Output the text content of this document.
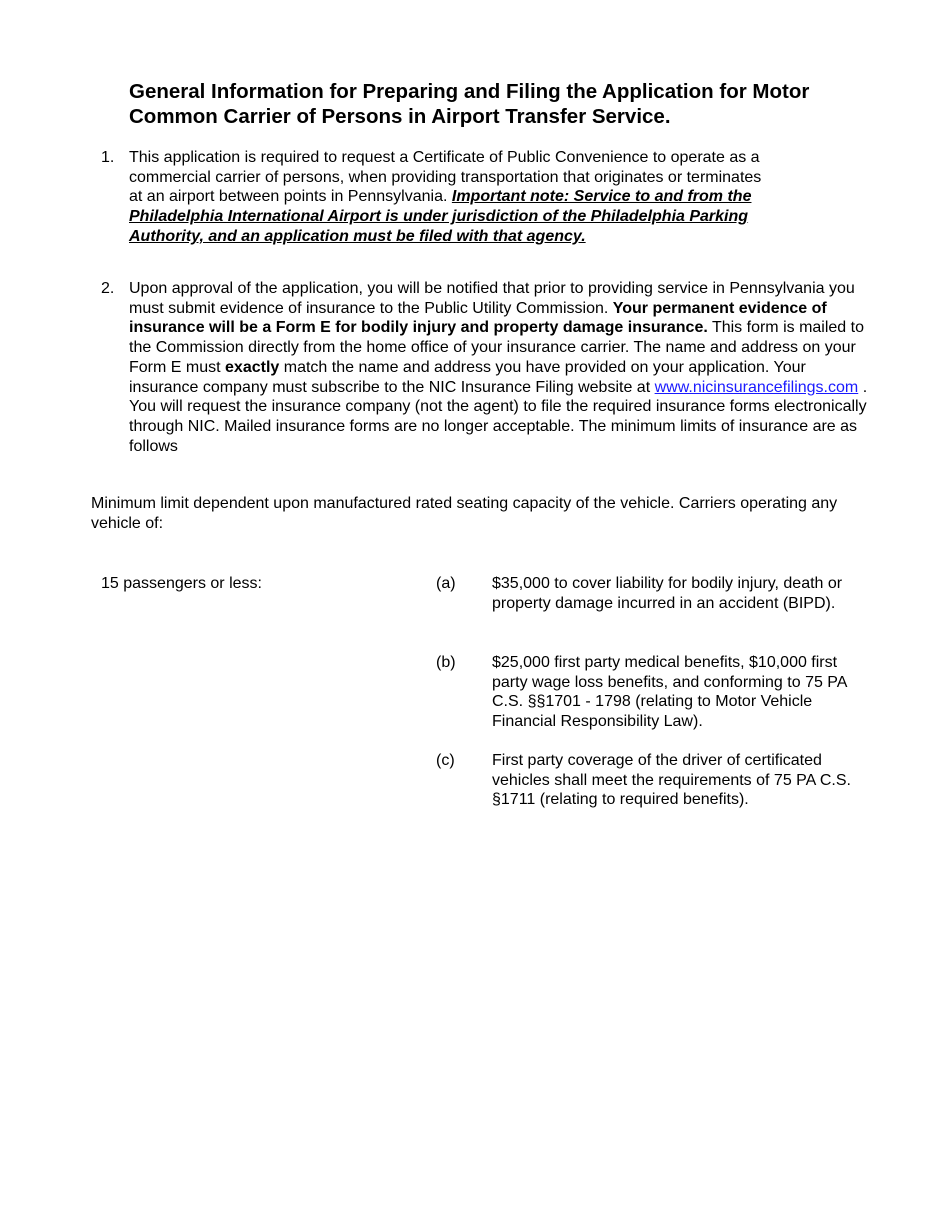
General Information for Preparing and Filing the Application for Motor Common Carrier of Persons in Airport Transfer Service.
1. This application is required to request a Certificate of Public Convenience to operate as a commercial carrier of persons, when providing transportation that originates or terminates at an airport between points in Pennsylvania. Important note: Service to and from the Philadelphia International Airport is under jurisdiction of the Philadelphia Parking Authority, and an application must be filed with that agency.
2. Upon approval of the application, you will be notified that prior to providing service in Pennsylvania you must submit evidence of insurance to the Public Utility Commission. Your permanent evidence of insurance will be a Form E for bodily injury and property damage insurance. This form is mailed to the Commission directly from the home office of your insurance carrier. The name and address on your Form E must exactly match the name and address you have provided on your application. Your insurance company must subscribe to the NIC Insurance Filing website at www.nicinsurancefilings.com . You will request the insurance company (not the agent) to file the required insurance forms electronically through NIC. Mailed insurance forms are no longer acceptable. The minimum limits of insurance are as follows
Minimum limit dependent upon manufactured rated seating capacity of the vehicle. Carriers operating any vehicle of:
15 passengers or less:	(a) $35,000 to cover liability for bodily injury, death or property damage incurred in an accident (BIPD).
(b) $25,000 first party medical benefits, $10,000 first party wage loss benefits, and conforming to 75 PA C.S. §§1701 - 1798 (relating to Motor Vehicle Financial Responsibility Law).
(c) First party coverage of the driver of certificated vehicles shall meet the requirements of 75 PA C.S. §1711 (relating to required benefits).
